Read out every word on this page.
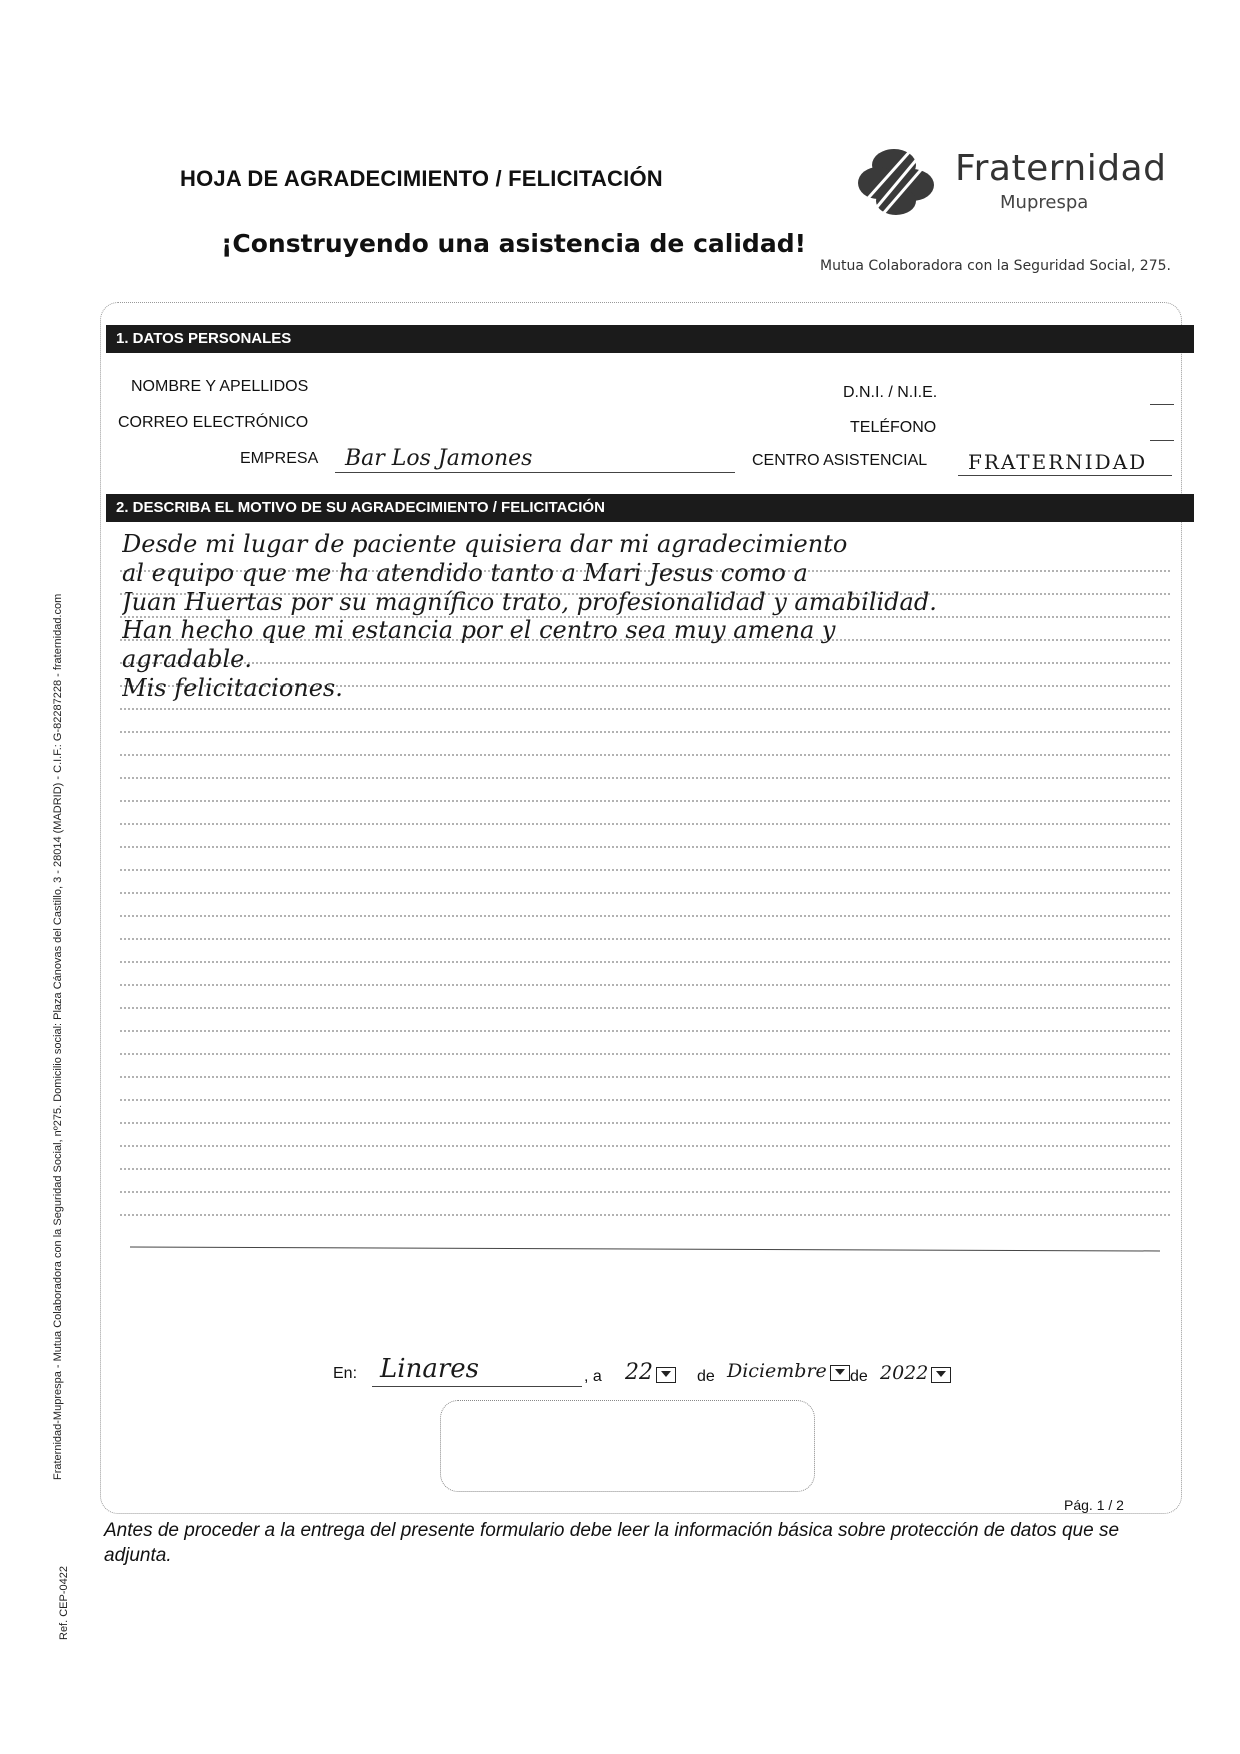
HOJA DE AGRADECIMIENTO / FELICITACIÓN
¡Construyendo una asistencia de calidad!
Fraternidad
Muprespa
Mutua Colaboradora con la Seguridad Social, 275.
1. DATOS PERSONALES
NOMBRE Y APELLIDOS
CORREO ELECTRÓNICO
EMPRESA Bar Los Jamones
D.N.I. / N.I.E.
TELÉFONO
CENTRO ASISTENCIAL FRATERNIDAD
2. DESCRIBA EL MOTIVO DE SU AGRADECIMIENTO / FELICITACIÓN
Desde mi lugar de paciente quisiera dar mi agradecimiento
al equipo que me ha atendido tanto a Mari Jesus como a
Juan Huertas por su magnífico trato, profesionalidad y amabilidad.
Han hecho que mi estancia por el centro sea muy amena y
agradable.
Mis felicitaciones.
En: Linares	, a 22	de Diciembre	de 2022
Pág. 1 / 2
Antes de proceder a la entrega del presente formulario debe leer la información básica sobre protección de datos que se adjunta.
Fraternidad-Muprespa - Mutua Colaboradora con la Seguridad Social, nº275. Domicilio social: Plaza Cánovas del Castillo, 3 - 28014 (MADRID) - C.I.F.: G-82287228 - fraternidad.com
Ref. CEP-0422
